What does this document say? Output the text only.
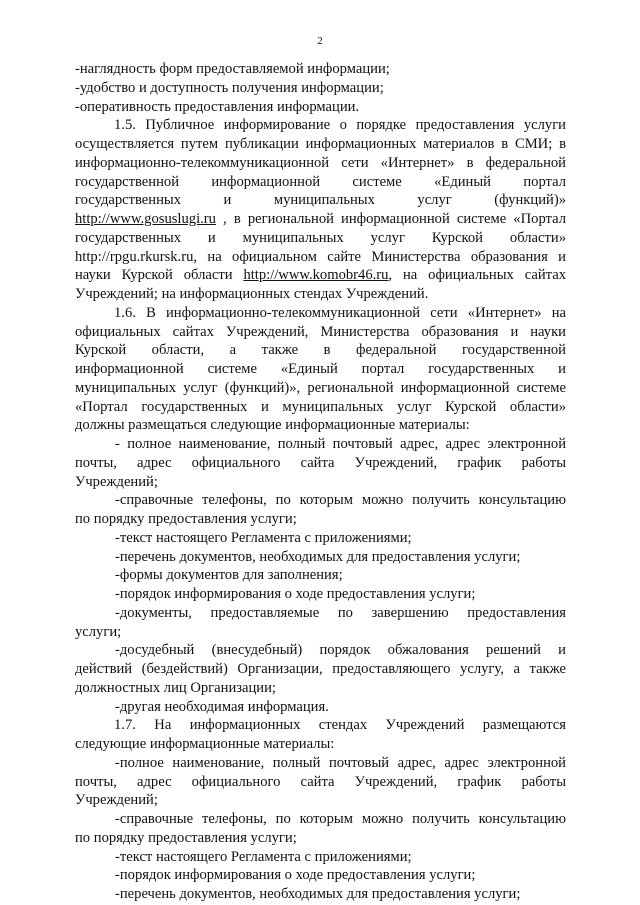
2
-наглядность форм предоставляемой информации;
-удобство и доступность получения информации;
-оперативность предоставления информации.
1.5. Публичное информирование о порядке предоставления услуги
осуществляется путем публикации информационных материалов в СМИ; в
информационно-телекоммуникационной сети «Интернет» в федеральной
государственной информационной системе «Единый портал
государственных и муниципальных услуг (функций)»
http://www.gosuslugi.ru , в региональной информационной системе «Портал
государственных и муниципальных услуг Курской области»
http://rpgu.rkursk.ru, на официальном сайте Министерства образования и
науки Курской области http://www.komobr46.ru, на официальных сайтах
Учреждений; на информационных стендах Учреждений.
1.6. В информационно-телекоммуникационной сети «Интернет» на
официальных сайтах Учреждений, Министерства образования и науки
Курской области, а также в федеральной государственной
информационной системе «Единый портал государственных и
муниципальных услуг (функций)», региональной информационной системе
«Портал государственных и муниципальных услуг Курской области»
должны размещаться следующие информационные материалы:
- полное наименование, полный почтовый адрес, адрес электронной
почты, адрес официального сайта Учреждений, график работы
Учреждений;
-справочные телефоны, по которым можно получить консультацию
по порядку предоставления услуги;
-текст настоящего Регламента с приложениями;
-перечень документов, необходимых для предоставления услуги;
-формы документов для заполнения;
-порядок информирования о ходе предоставления услуги;
-документы, предоставляемые по завершению предоставления
услуги;
-досудебный (внесудебный) порядок обжалования решений и
действий (бездействий) Организации, предоставляющего услугу, а также
должностных лиц Организации;
-другая необходимая информация.
1.7. На информационных стендах Учреждений размещаются
следующие информационные материалы:
-полное наименование, полный почтовый адрес, адрес электронной
почты, адрес официального сайта Учреждений, график работы
Учреждений;
-справочные телефоны, по которым можно получить консультацию
по порядку предоставления услуги;
-текст настоящего Регламента с приложениями;
-порядок информирования о ходе предоставления услуги;
-перечень документов, необходимых для предоставления услуги;
